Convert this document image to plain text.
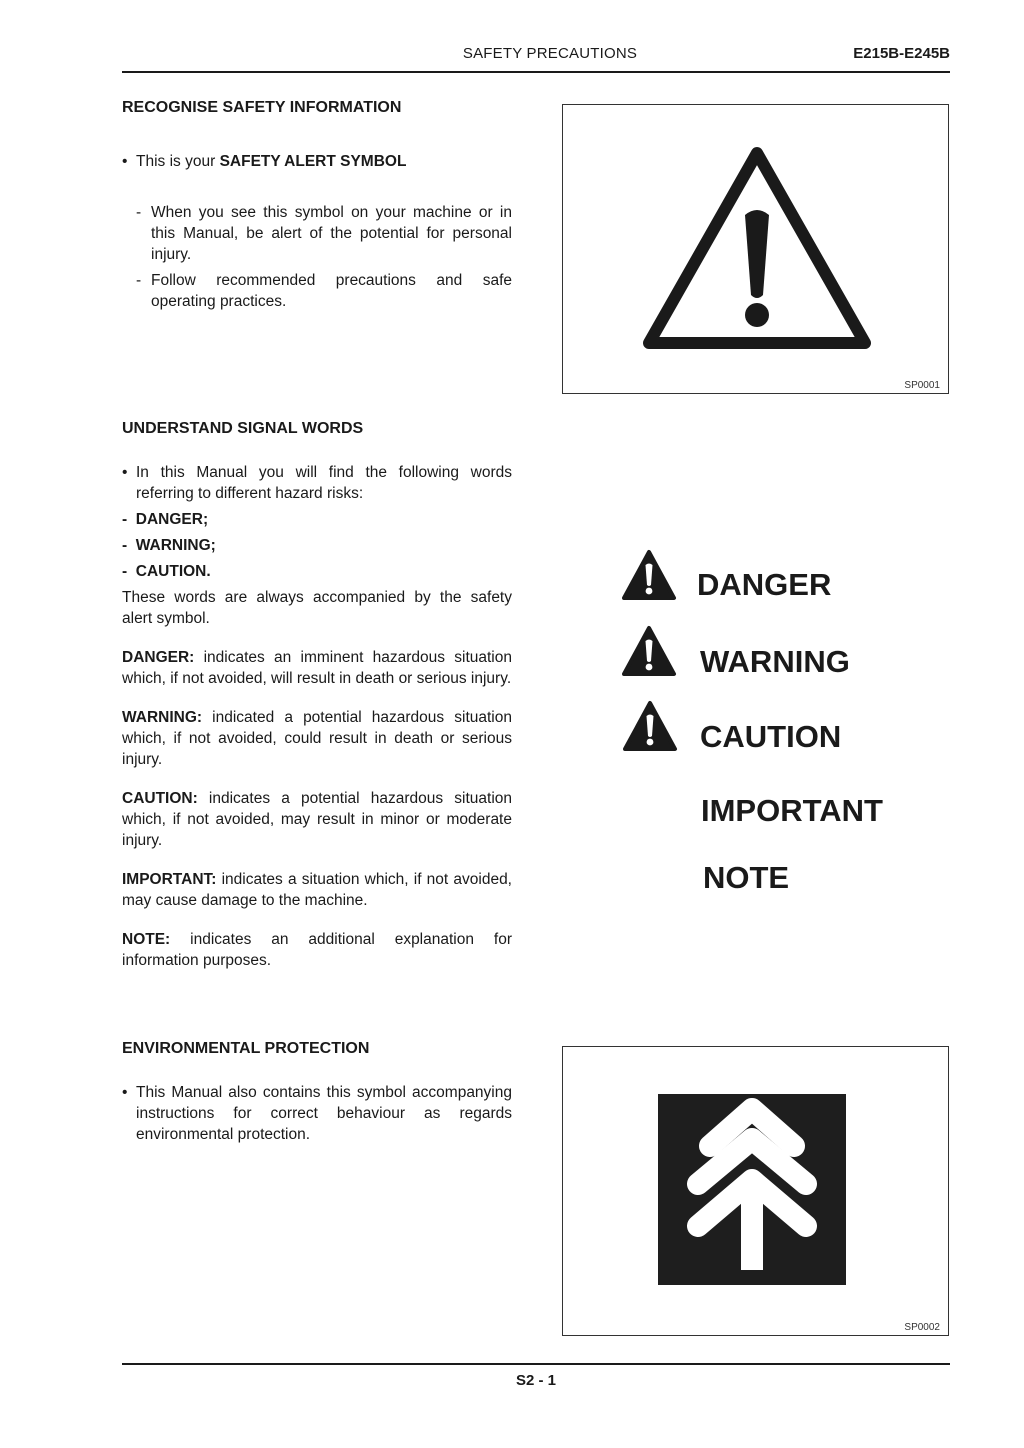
SAFETY PRECAUTIONS	E215B-E245B
RECOGNISE SAFETY INFORMATION
• This is your SAFETY ALERT SYMBOL
- When you see this symbol on your machine or in this Manual, be alert of the potential for personal injury.
- Follow recommended precautions and safe operating practices.
SP0001
UNDERSTAND SIGNAL WORDS
• In this Manual you will find the following words referring to different hazard risks:
-  DANGER;
-  WARNING;
-  CAUTION.
These words are always accompanied by the safety alert symbol.
DANGER: indicates an imminent hazardous situation which, if not avoided, will result in death or serious injury.
WARNING: indicated a potential hazardous situation which, if not avoided, could result in death or serious injury.
CAUTION: indicates a potential hazardous situation which, if not avoided, may result in minor or moderate injury.
IMPORTANT: indicates a situation which, if not avoided, may cause damage to the machine.
NOTE: indicates an additional explanation for information purposes.
DANGER
WARNING
CAUTION
IMPORTANT
NOTE
ENVIRONMENTAL PROTECTION
• This Manual also contains this symbol accompanying instructions for correct behaviour as regards environmental protection.
SP0002
S2 - 1
